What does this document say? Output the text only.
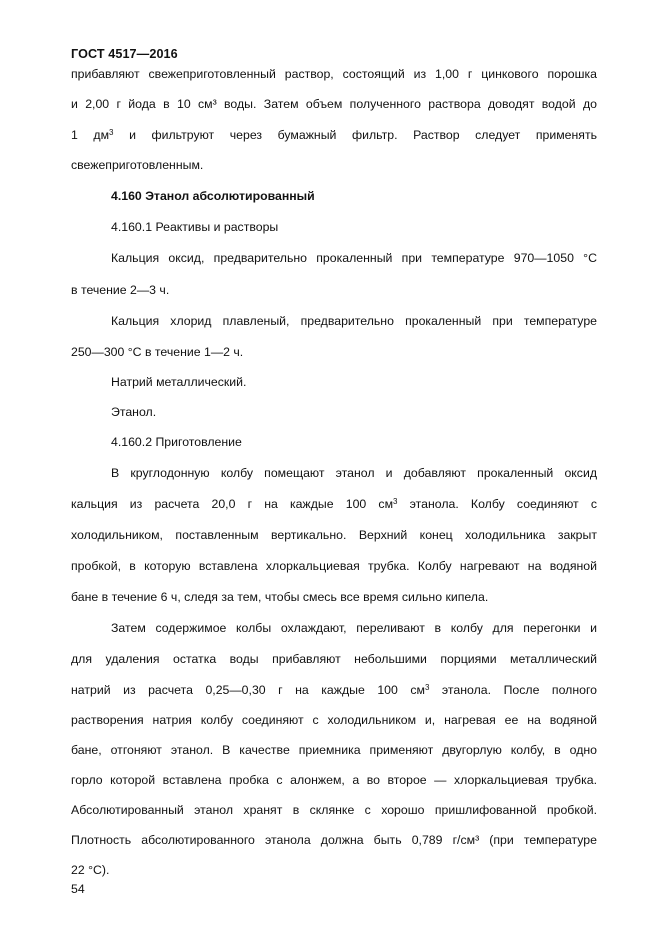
ГОСТ 4517—2016
прибавляют свежеприготовленный раствор, состоящий из 1,00 г цинкового порошка
и 2,00 г йода в 10 см³ воды. Затем объем полученного раствора доводят водой до
1 $дм^3$ и фильтруют через бумажный фильтр. Раствор следует применять
свежеприготовленным.
4.160 Этанол абсолютированный
4.160.1 Реактивы и растворы
Кальция оксид, предварительно прокаленный при температуре 970—1050 °С
в течение 2—3 ч.
Кальция хлорид плавленый, предварительно прокаленный при температуре
250—300 °С в течение 1—2 ч.
Натрий металлический.
Этанол.
4.160.2 Приготовление
В круглодонную колбу помещают этанол и добавляют прокаленный оксид
кальция из расчета 20,0 г на каждые 100 $см^3$ этанола. Колбу соединяют с
холодильником, поставленным вертикально. Верхний конец холодильника закрыт
пробкой, в которую вставлена хлоркальциевая трубка. Колбу нагревают на водяной
бане в течение 6 ч, следя за тем, чтобы смесь все время сильно кипела.
Затем содержимое колбы охлаждают, переливают в колбу для перегонки и
для удаления остатка воды прибавляют небольшими порциями металлический
натрий из расчета 0,25—0,30 г на каждые 100 $см^3$ этанола. После полного
растворения натрия колбу соединяют с холодильником и, нагревая ее на водяной
бане, отгоняют этанол. В качестве приемника применяют двугорлую колбу, в одно
горло которой вставлена пробка с алонжем, а во второе — хлоркальциевая трубка.
Абсолютированный этанол хранят в склянке с хорошо пришлифованной пробкой.
Плотность абсолютированного этанола должна быть 0,789 г/см³ (при температуре
22 °С).
54
